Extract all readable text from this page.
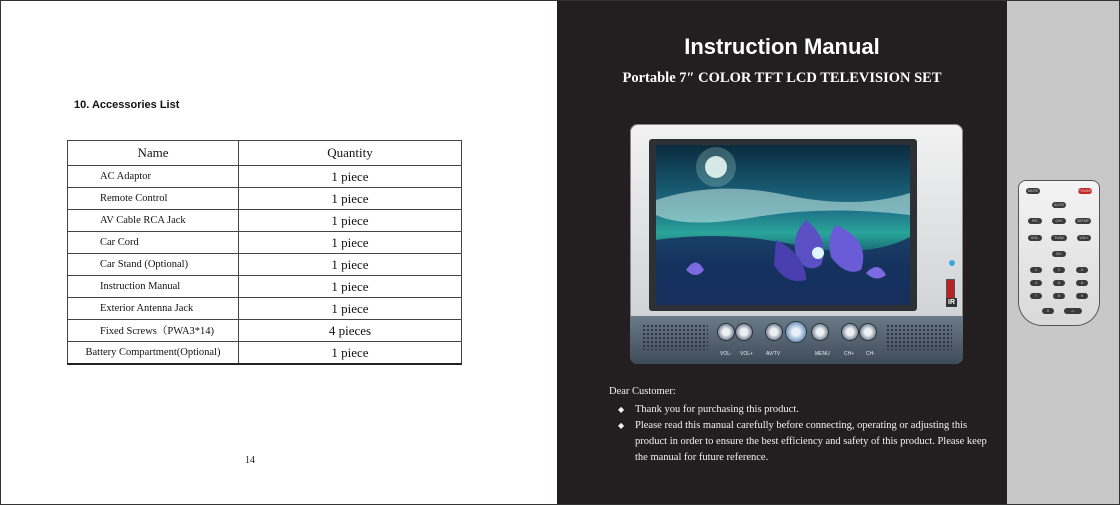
10. Accessories List
Name	Quantity
AC Adaptor	1 piece
Remote Control	1 piece
AV Cable RCA Jack	1 piece
Car Cord	1 piece
Car Stand (Optional)	1 piece
Instruction Manual	1 piece
Exterior Antenna Jack	1 piece
Fixed Screws（PWA3*14)	4 pieces
Battery Compartment(Optional)	1 piece
14
Instruction Manual
Portable 7″ COLOR TFT LCD TELEVISION SET
IR
VOL- VOL+	AV/TV	MENU	CH+ CH-
Dear Customer:
◆ Thank you for purchasing this product.
◆ Please read this manual carefully before connecting, operating or adjusting this product in order to ensure the best efficiency and safety of this product. Please keep the manual for future reference.
MUTE	POWER
AUTO
P/C	CH+	SETUP
VOL-	TV/AV	VOL+
CH-
1	2	3
4	5	6
7	8	9
0	-/--
